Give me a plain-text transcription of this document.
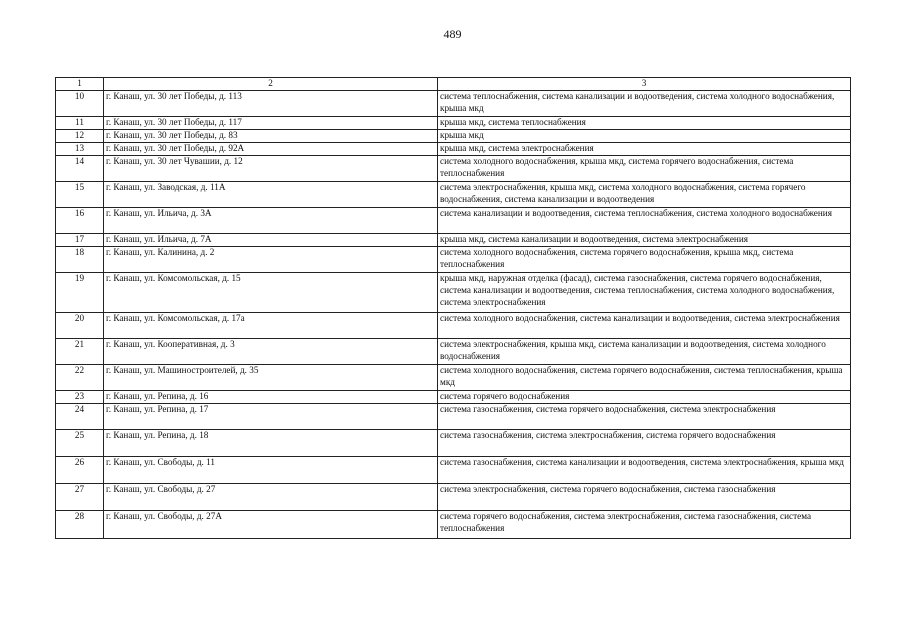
489
1	2	3
10	г. Канаш, ул. 30 лет Победы, д. 113	система теплоснабжения, система канализации и водоотведения, система холодного водоснабжения, крыша мкд
11	г. Канаш, ул. 30 лет Победы, д. 117	крыша мкд, система теплоснабжения
12	г. Канаш, ул. 30 лет Победы, д. 83	крыша мкд
13	г. Канаш, ул. 30 лет Победы, д. 92А	крыша мкд, система электроснабжения
14	г. Канаш, ул. 30 лет Чувашии, д. 12	система холодного водоснабжения, крыша мкд, система горячего водоснабжения, система теплоснабжения
15	г. Канаш, ул. Заводская, д. 11А	система электроснабжения, крыша мкд, система холодного водоснабжения, система горячего водоснабжения, система канализации и водоотведения
16	г. Канаш, ул. Ильича, д. 3А	система канализации и водоотведения, система теплоснабжения, система холодного водоснабжения
17	г. Канаш, ул. Ильича, д. 7А	крыша мкд, система канализации и водоотведения, система электроснабжения
18	г. Канаш, ул. Калинина, д. 2	система холодного водоснабжения, система горячего водоснабжения, крыша мкд, система теплоснабжения
19	г. Канаш, ул. Комсомольская, д. 15	крыша мкд, наружная отделка (фасад), система газоснабжения, система горячего водоснабжения, система канализации и водоотведения, система теплоснабжения, система холодного водоснабжения, система электроснабжения
20	г. Канаш, ул. Комсомольская, д. 17а	система холодного водоснабжения, система канализации и водоотведения, система электроснабжения
21	г. Канаш, ул. Кооперативная, д. 3	система электроснабжения, крыша мкд, система канализации и водоотведения, система холодного водоснабжения
22	г. Канаш, ул. Машиностроителей, д. 35	система холодного водоснабжения, система горячего водоснабжения, система теплоснабжения, крыша мкд
23	г. Канаш, ул. Репина, д. 16	система горячего водоснабжения
24	г. Канаш, ул. Репина, д. 17	система газоснабжения, система горячего водоснабжения, система электроснабжения
25	г. Канаш, ул. Репина, д. 18	система газоснабжения, система электроснабжения, система горячего водоснабжения
26	г. Канаш, ул. Свободы, д. 11	система газоснабжения, система канализации и водоотведения, система электроснабжения, крыша мкд
27	г. Канаш, ул. Свободы, д. 27	система электроснабжения, система горячего водоснабжения, система газоснабжения
28	г. Канаш, ул. Свободы, д. 27А	система горячего водоснабжения, система электроснабжения, система газоснабжения, система теплоснабжения
